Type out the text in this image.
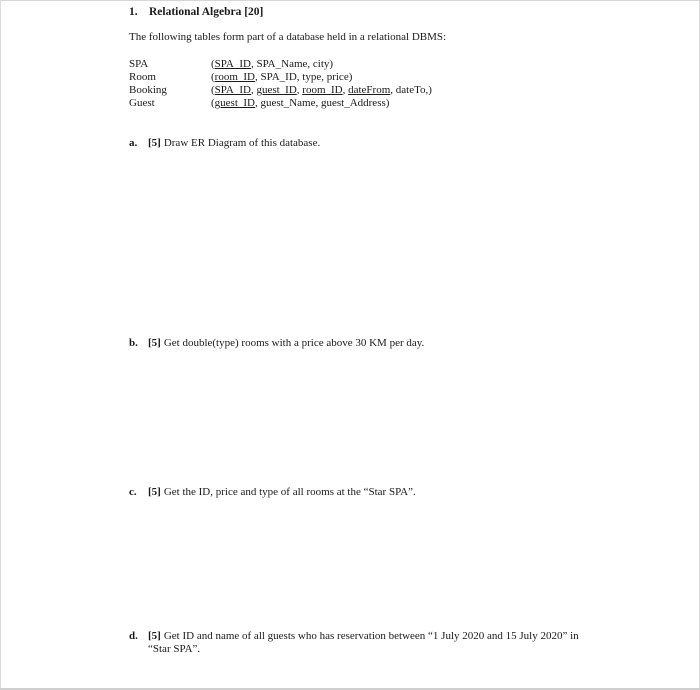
1. Relational Algebra [20]
The following tables form part of a database held in a relational DBMS:
SPA	(SPA_ID, SPA_Name, city)
Room	(room_ID, SPA_ID, type, price)
Booking	(SPA_ID, guest_ID, room_ID, dateFrom, dateTo,)
Guest	(guest_ID, guest_Name, guest_Address)
a. [5] Draw ER Diagram of this database.
b. [5] Get double(type) rooms with a price above 30 KM per day.
c. [5] Get the ID, price and type of all rooms at the “Star SPA”.
d. [5] Get ID and name of all guests who has reservation between “1 July 2020 and 15 July 2020” in
“Star SPA”.
